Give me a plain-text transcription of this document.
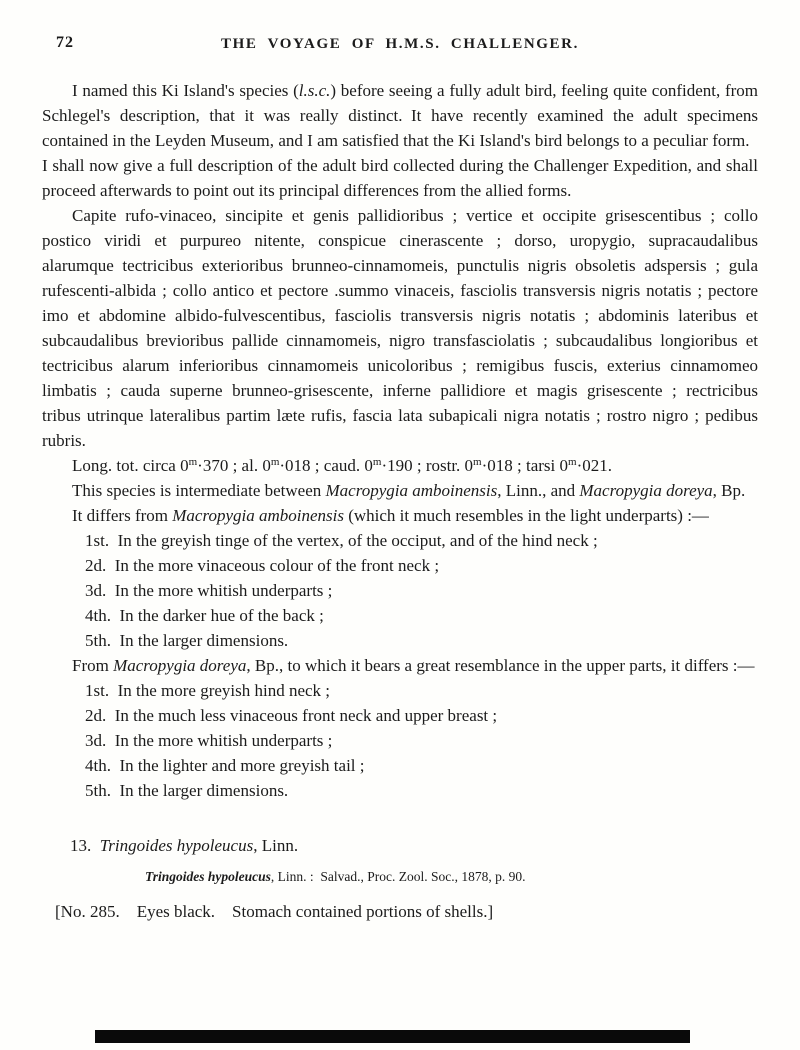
72	THE VOYAGE OF H.M.S. CHALLENGER.

I named this Ki Island's species (l.s.c.) before seeing a fully adult bird, feeling quite confident, from Schlegel's description, that it was really distinct. It have recently examined the adult specimens contained in the Leyden Museum, and I am satisfied that the Ki Island's bird belongs to a peculiar form. I shall now give a full description of the adult bird collected during the Challenger Expedition, and shall proceed afterwards to point out its principal differences from the allied forms.

Capite rufo-vinaceo, sincipite et genis pallidioribus ; vertice et occipite grisescentibus ; collo postico viridi et purpureo nitente, conspicue cinerascente ; dorso, uropygio, supracaudalibus alarumque tectricibus exterioribus brunneo-cinnamomeis, punctulis nigris obsoletis adspersis ; gula rufescenti-albida ; collo antico et pectore .summo vinaceis, fasciolis transversis nigris notatis ; pectore imo et abdomine albido-fulvescentibus, fasciolis transversis nigris notatis ; abdominis lateribus et subcaudalibus brevioribus pallide cinnamomeis, nigro transfasciolatis ; subcaudalibus longioribus et tectricibus alarum inferioribus cinnamomeis unicoloribus ; remigibus fuscis, exterius cinnamomeo limbatis ; cauda superne brunneo-grisescente, inferne pallidiore et magis grisescente ; rectricibus tribus utrinque lateralibus partim læte rufis, fascia lata subapicali nigra notatis ; rostro nigro ; pedibus rubris.

Long. tot. circa $0^m\cdot 370$ ; al. $0^m\cdot 018$ ; caud. $0^m\cdot 190$ ; rostr. $0^m\cdot 018$ ; tarsi $0^m\cdot 021$.

This species is intermediate between Macropygia amboinensis, Linn., and Macropygia doreya, Bp.

It differs from Macropygia amboinensis (which it much resembles in the light underparts) :—

1st. In the greyish tinge of the vertex, of the occiput, and of the hind neck ;
2d. In the more vinaceous colour of the front neck ;
3d. In the more whitish underparts ;
4th. In the darker hue of the back ;
5th. In the larger dimensions.

From Macropygia doreya, Bp., to which it bears a great resemblance in the upper parts, it differs :—

1st. In the more greyish hind neck ;
2d. In the much less vinaceous front neck and upper breast ;
3d. In the more whitish underparts ;
4th. In the lighter and more greyish tail ;
5th. In the larger dimensions.

13. Tringoides hypoleucus, Linn.

Tringoides hypoleucus, Linn. : Salvad., Proc. Zool. Soc., 1878, p. 90.

[No. 285. Eyes black. Stomach contained portions of shells.]
